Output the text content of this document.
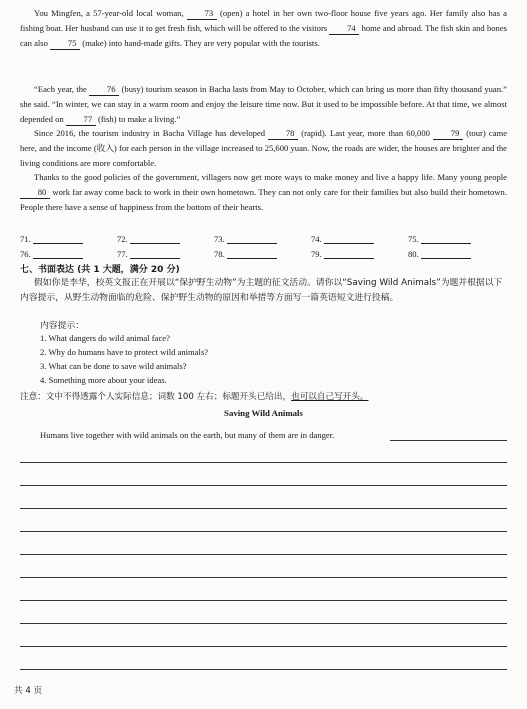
You Mingfen, a 57-year-old local woman, 73 (open) a hotel in her own two-floor house five years ago. Her family also has a fishing boat. Her husband can use it to get fresh fish, which will be offered to the visitors 74 home and abroad. The fish skin and bones can also 75 (make) into hand-made gifts. They are very popular with the tourists.
“Each year, the 76 (busy) tourism season in Bacha lasts from May to October, which can bring us more than fifty thousand yuan.” she said. “In winter, we can stay in a warm room and enjoy the leisure time now. But it used to be impossible before. At that time, we almost depended on 77 (fish) to make a living.”
Since 2016, the tourism industry in Bacha Village has developed 78 (rapid). Last year, more than 60,000 79 (tour) came here, and the income (收入) for each person in the village increased to 25,600 yuan. Now, the roads are wider, the houses are brighter and the living conditions are more comfortable.
Thanks to the good policies of the government, villagers now get more ways to make money and live a happy life. Many young people 80 work far away come back to work in their own hometown. They can not only care for their families but also build their hometown. People there have a sense of happiness from the bottom of their hearts.
71.	72.	73.	74.	75.
76.	77.	78.	79.	80.
七、书面表达 (共 1 大题，满分 20 分)
假如你是李华，校英文报正在开展以“保护野生动物”为主题的征文活动。请你以“Saving Wild Animals”为题并根据以下内容提示，从野生动物面临的危险、保护野生动物的原因和举措等方面写一篇英语短文进行投稿。
内容提示：
1. What dangers do wild animal face?
2. Why do humans have to protect wild animals?
3. What can be done to save wild animals?
4. Something more about your ideas.
注意：文中不得透露个人实际信息；词数 100 左右；标题开头已给出，也可以自己写开头。
Saving Wild Animals
Humans live together with wild animals on the earth, but many of them are in danger.
共 4 页
